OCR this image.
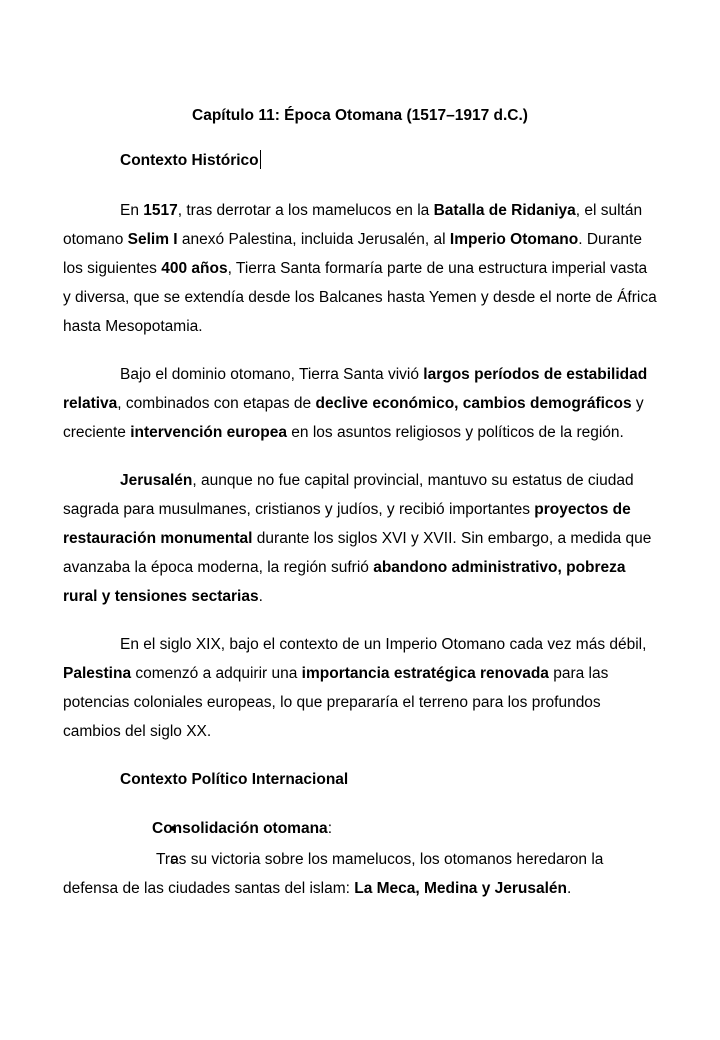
Capítulo 11: Época Otomana (1517–1917 d.C.)
Contexto Histórico

En 1517, tras derrotar a los mamelucos en la Batalla de Ridaniya, el sultán otomano Selim I anexó Palestina, incluida Jerusalén, al Imperio Otomano. Durante los siguientes 400 años, Tierra Santa formaría parte de una estructura imperial vasta y diversa, que se extendía desde los Balcanes hasta Yemen y desde el norte de África hasta Mesopotamia.

Bajo el dominio otomano, Tierra Santa vivió largos períodos de estabilidad relativa, combinados con etapas de declive económico, cambios demográficos y creciente intervención europea en los asuntos religiosos y políticos de la región.

Jerusalén, aunque no fue capital provincial, mantuvo su estatus de ciudad sagrada para musulmanes, cristianos y judíos, y recibió importantes proyectos de restauración monumental durante los siglos XVI y XVII. Sin embargo, a medida que avanzaba la época moderna, la región sufrió abandono administrativo, pobreza rural y tensiones sectarias.

En el siglo XIX, bajo el contexto de un Imperio Otomano cada vez más débil, Palestina comenzó a adquirir una importancia estratégica renovada para las potencias coloniales europeas, lo que prepararía el terreno para los profundos cambios del siglo XX.

Contexto Político Internacional

Consolidación otomana:

Tras su victoria sobre los mamelucos, los otomanos heredaron la defensa de las ciudades santas del islam: La Meca, Medina y Jerusalén.
